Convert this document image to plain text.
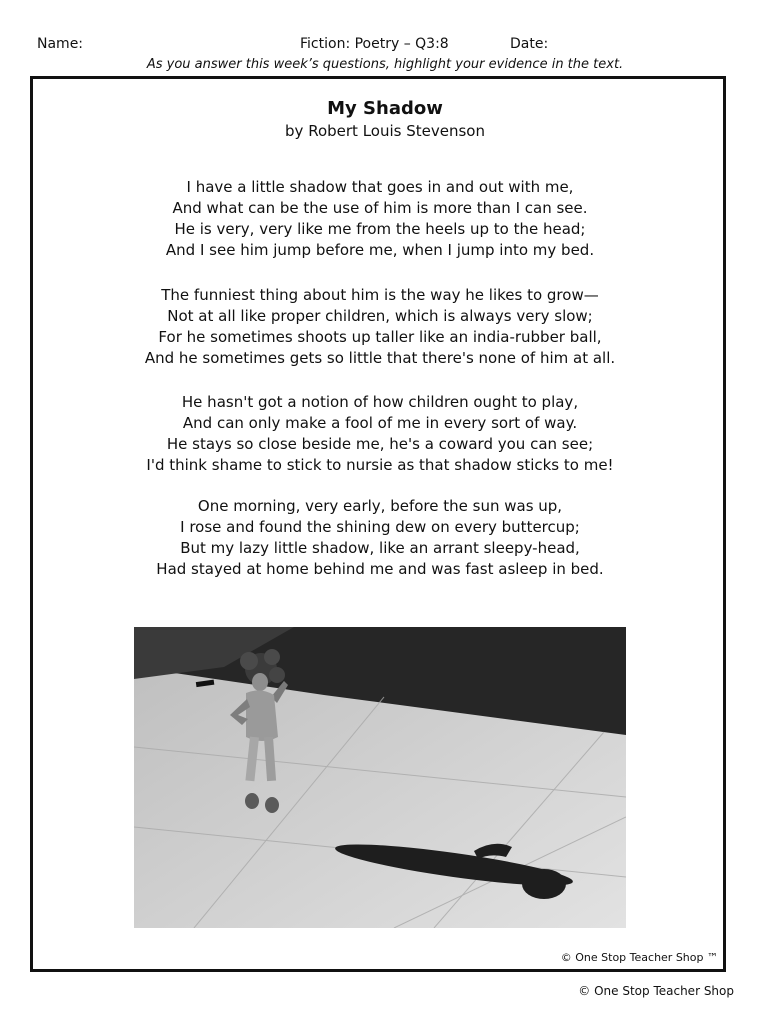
Name:	Fiction: Poetry – Q3:8	Date:
As you answer this week’s questions, highlight your evidence in the text.
My Shadow
by Robert Louis Stevenson
I have a little shadow that goes in and out with me,
And what can be the use of him is more than I can see.
He is very, very like me from the heels up to the head;
And I see him jump before me, when I jump into my bed.
The funniest thing about him is the way he likes to grow—
Not at all like proper children, which is always very slow;
For he sometimes shoots up taller like an india-rubber ball,
And he sometimes gets so little that there's none of him at all.
He hasn't got a notion of how children ought to play,
And can only make a fool of me in every sort of way.
He stays so close beside me, he's a coward you can see;
I'd think shame to stick to nursie as that shadow sticks to me!
One morning, very early, before the sun was up,
I rose and found the shining dew on every buttercup;
But my lazy little shadow, like an arrant sleepy-head,
Had stayed at home behind me and was fast asleep in bed.
© One Stop Teacher Shop ™
© One Stop Teacher Shop
